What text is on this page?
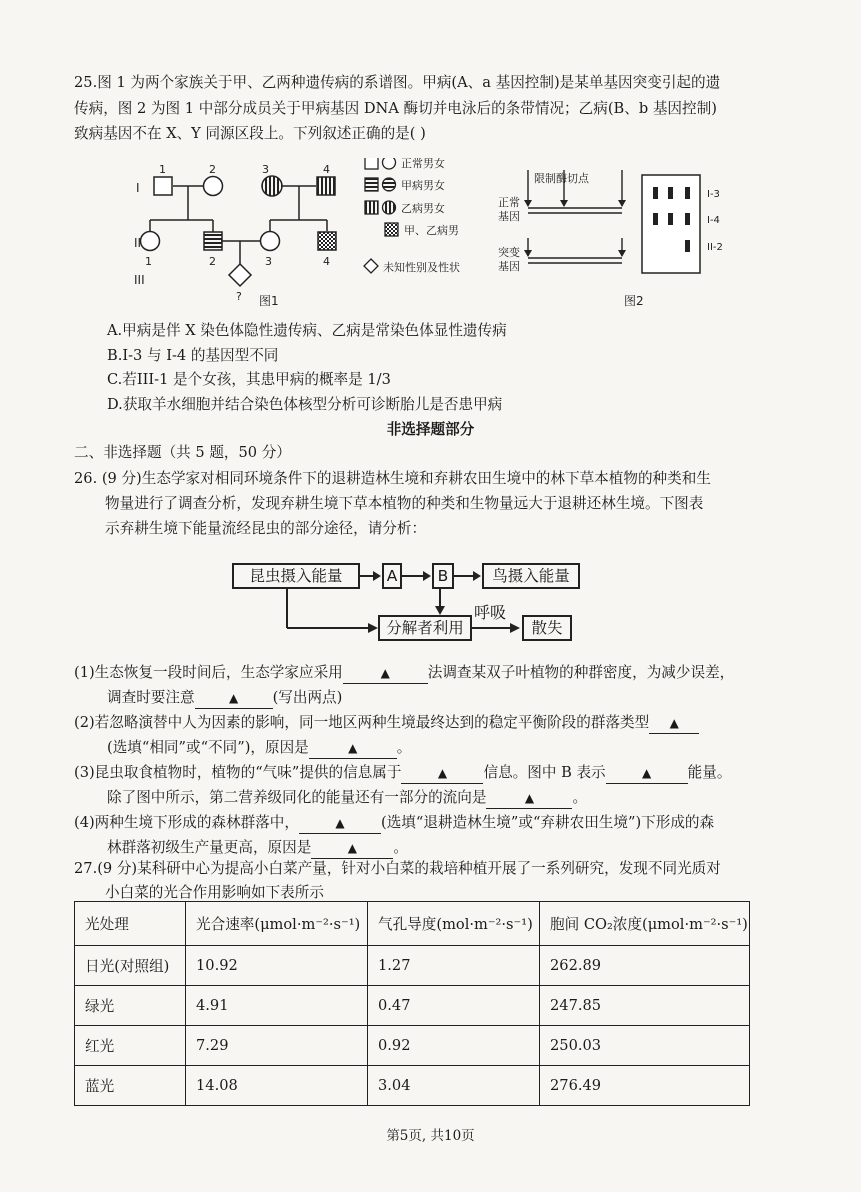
25.图 1 为两个家族关于甲、乙两种遗传病的系谱图。甲病(A、a 基因控制)是某单基因突变引起的遗
传病，图 2 为图 1 中部分成员关于甲病基因 DNA 酶切并电泳后的条带情况；乙病(B、b 基因控制)
致病基因不在 X、Y 同源区段上。下列叙述正确的是( )
I
II
III
1	2	3	4
1	2	3	4
? 图1
正常男女
甲病男女
乙病男女
甲、乙病男
未知性别及性状
限制酶切点
正常
基因
突变
基因
I-3
I-4
II-2
图2
A.甲病是伴 X 染色体隐性遗传病、乙病是常染色体显性遗传病
B.I-3 与 I-4 的基因型不同
C.若III-1 是个女孩，其患甲病的概率是 1/3
D.获取羊水细胞并结合染色体核型分析可诊断胎儿是否患甲病
非选择题部分
二、非选择题（共 5 题，50 分）
26. (9 分)生态学家对相同环境条件下的退耕造林生境和弃耕农田生境中的林下草本植物的种类和生
物量进行了调查分析，发现弃耕生境下草本植物的种类和生物量远大于退耕还林生境。下图表
示弃耕生境下能量流经昆虫的部分途径，请分析：
昆虫摄入能量	A	B	鸟摄入能量
分解者利用	散失
呼吸
(1)生态恢复一段时间后，生态学家应采用	▲	法调查某双子叶植物的种群密度，为减少误差，
调查时要注意	▲ (写出两点)
(2)若忽略演替中人为因素的影响，同一地区两种生境最终达到的稳定平衡阶段的群落类型 ▲
(选填“相同”或“不同”)，原因是	▲	。
(3)昆虫取食植物时，植物的“气味”提供的信息属于	▲ 信息。图中 B 表示	▲ 能量。
除了图中所示，第二营养级同化的能量还有一部分的流向是	▲	。
(4)两种生境下形成的森林群落中，	▲ (选填“退耕造林生境”或“弃耕农田生境”)下形成的森
林群落初级生产量更高，原因是	▲ 。
27.(9 分)某科研中心为提高小白菜产量，针对小白菜的栽培种植开展了一系列研究，发现不同光质对
小白菜的光合作用影响如下表所示
光处理	光合速率(μmol·m⁻²·s⁻¹)	气孔导度(mol·m⁻²·s⁻¹)	胞间 CO₂浓度(μmol·m⁻²·s⁻¹)
日光(对照组)	10.92	1.27	262.89
绿光	4.91	0.47	247.85
红光	7.29	0.92	250.03
蓝光	14.08	3.04	276.49
第5页, 共10页
